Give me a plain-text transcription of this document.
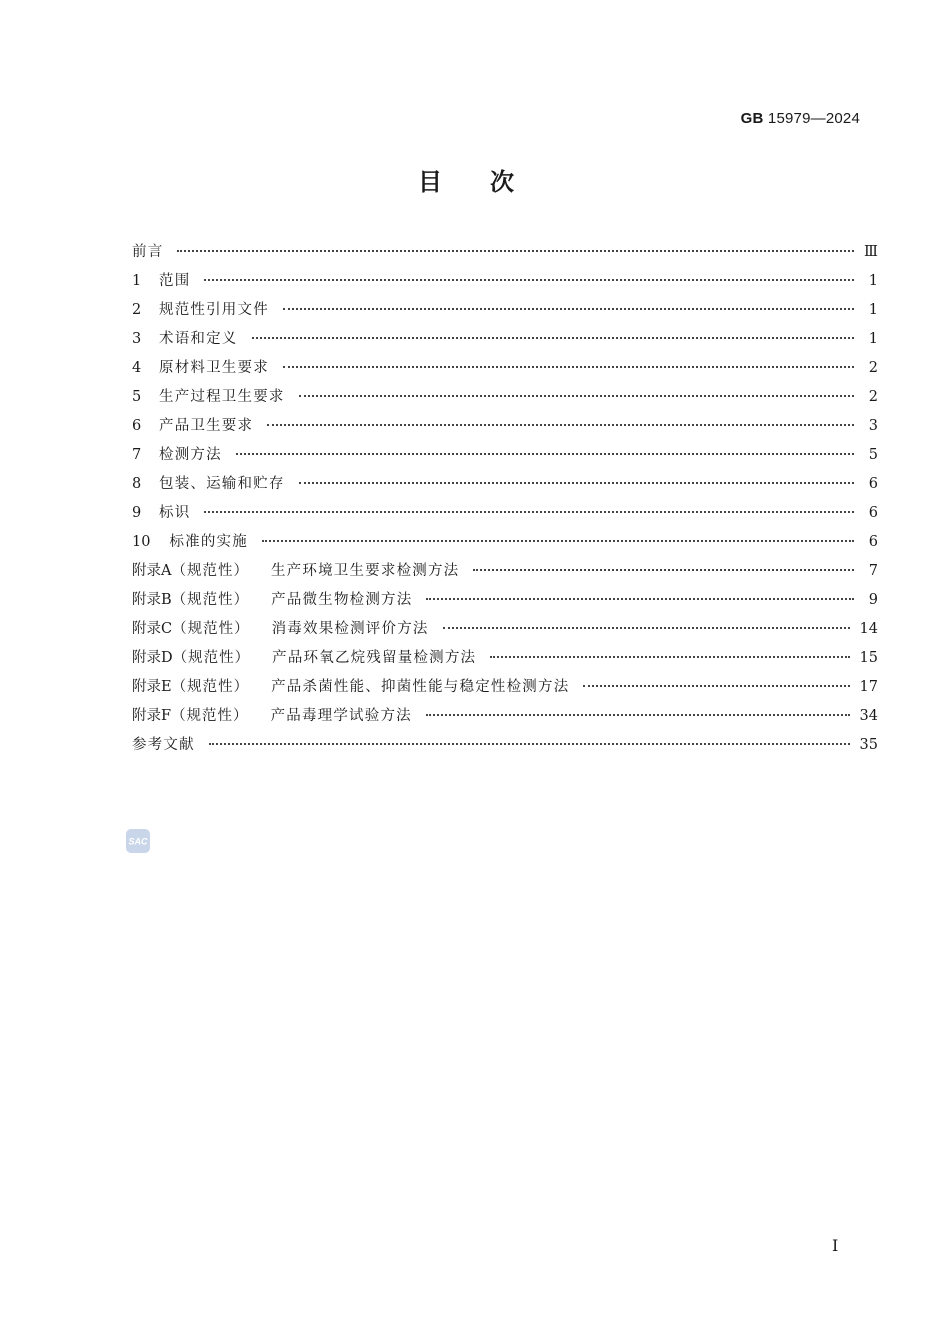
GB 15979—2024
目次
前言	Ⅲ
1 范围	1
2 规范性引用文件	1
3 术语和定义	1
4 原材料卫生要求	2
5 生产过程卫生要求	2
6 产品卫生要求	3
7 检测方法	5
8 包装、运输和贮存	6
9 标识	6
10 标准的实施	6
附录A（规范性） 生产环境卫生要求检测方法	7
附录B（规范性） 产品微生物检测方法	9
附录C（规范性） 消毒效果检测评价方法	14
附录D（规范性） 产品环氧乙烷残留量检测方法	15
附录E（规范性） 产品杀菌性能、抑菌性能与稳定性检测方法	17
附录F（规范性） 产品毒理学试验方法	34
参考文献	35
SAC
Ⅰ
